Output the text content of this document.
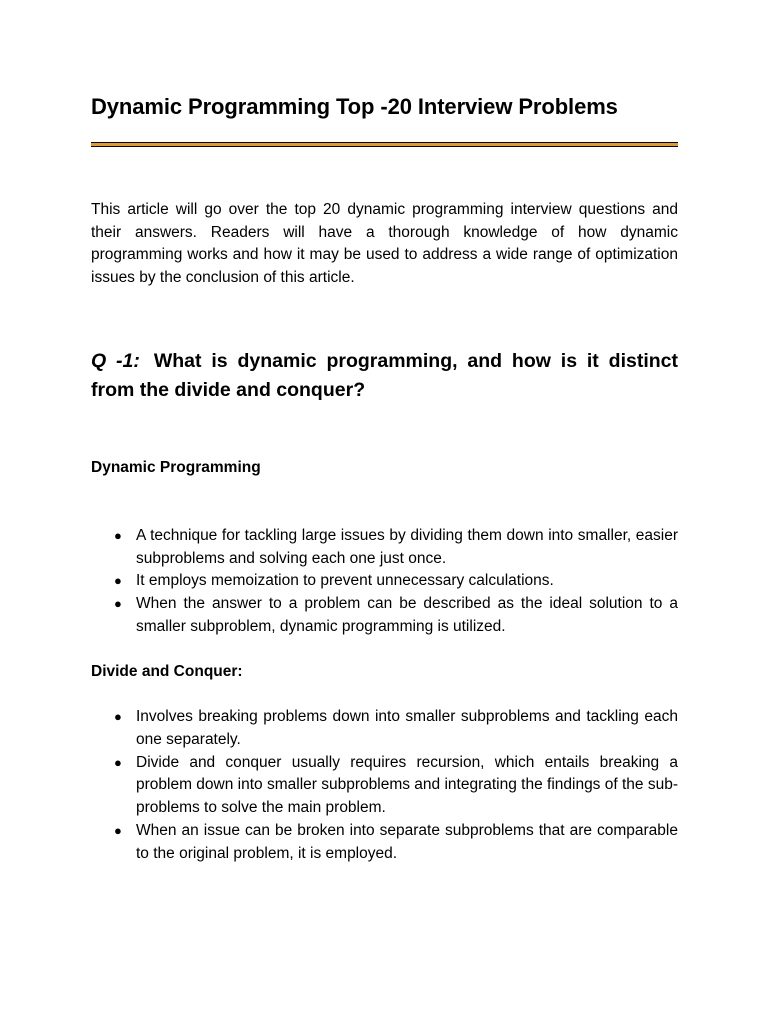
Dynamic Programming Top -20 Interview Problems

This article will go over the top 20 dynamic programming interview questions and their answers. Readers will have a thorough knowledge of how dynamic programming works and how it may be used to address a wide range of optimization issues by the conclusion of this article.

Q -1: What is dynamic programming, and how is it distinct from the divide and conquer?

Dynamic Programming
● A technique for tackling large issues by dividing them down into smaller, easier subproblems and solving each one just once.
● It employs memoization to prevent unnecessary calculations.
● When the answer to a problem can be described as the ideal solution to a smaller subproblem, dynamic programming is utilized.
Divide and Conquer:
● Involves breaking problems down into smaller subproblems and tackling each one separately.
● Divide and conquer usually requires recursion, which entails breaking a problem down into smaller subproblems and integrating the findings of the sub-problems to solve the main problem.
● When an issue can be broken into separate subproblems that are comparable to the original problem, it is employed.
